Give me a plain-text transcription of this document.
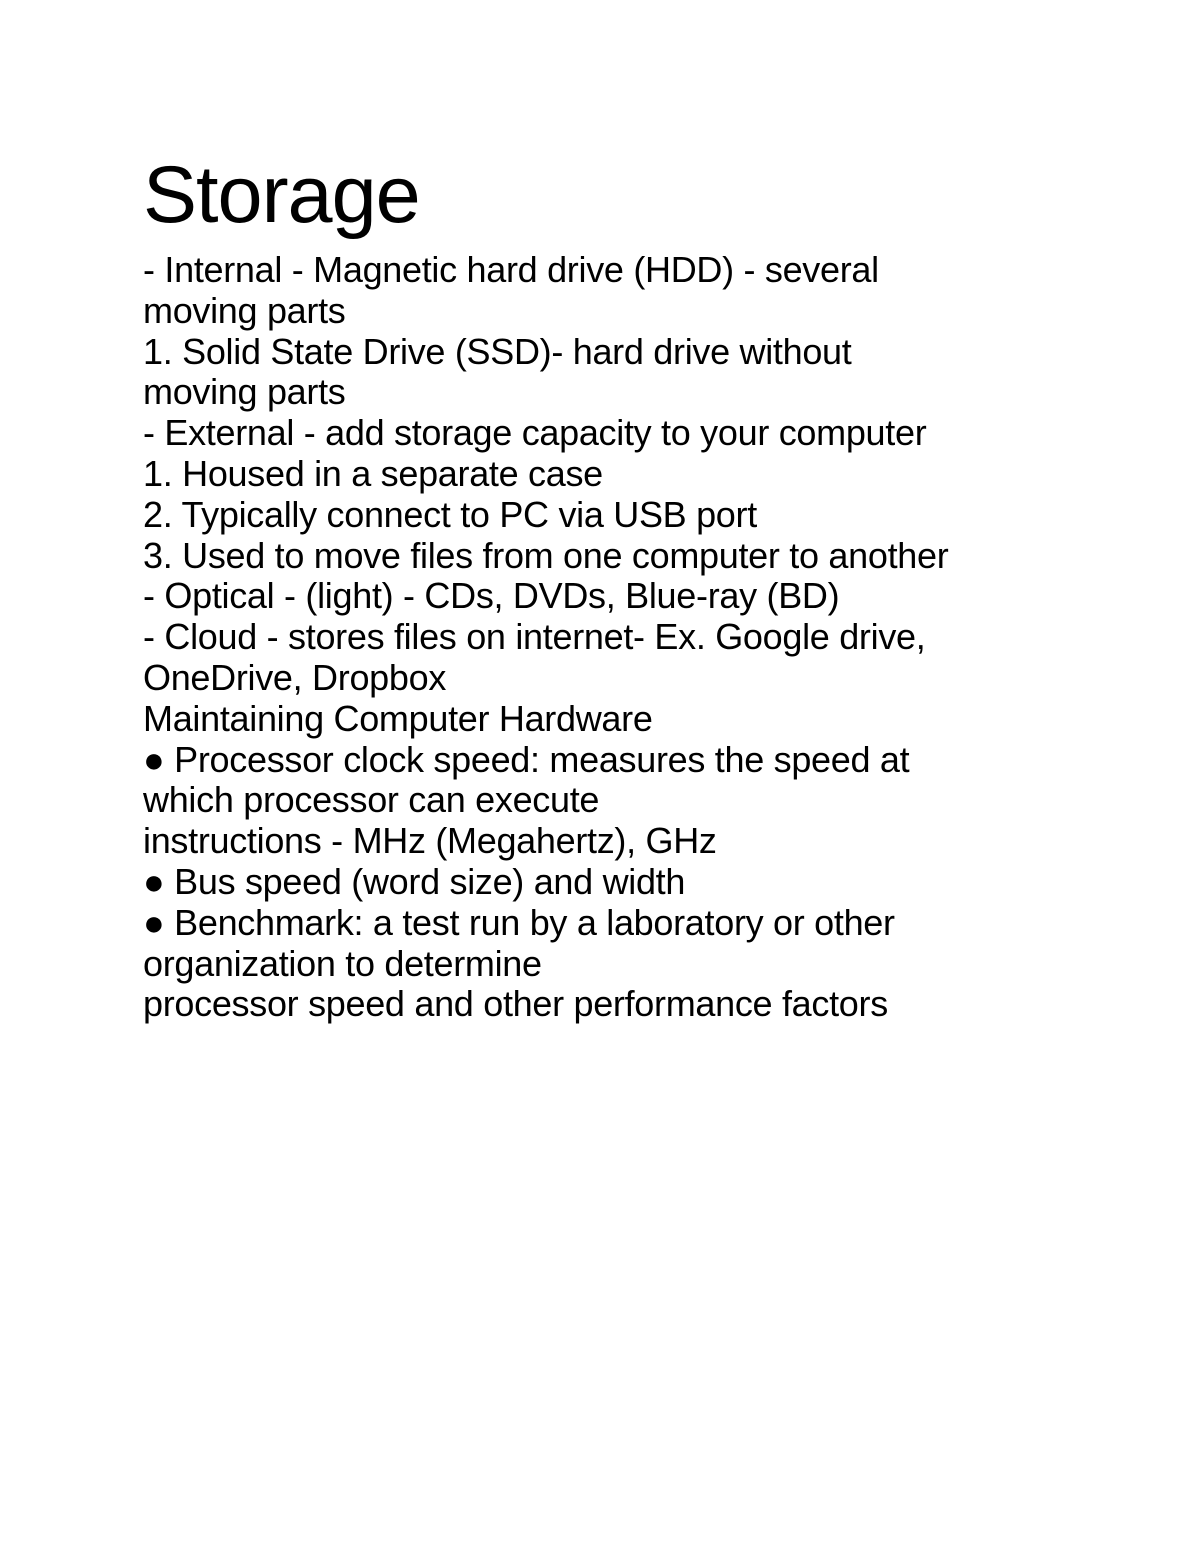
Storage
- Internal - Magnetic hard drive (HDD) - several
moving parts
1. Solid State Drive (SSD)- hard drive without
moving parts
- External - add storage capacity to your computer
1. Housed in a separate case
2. Typically connect to PC via USB port
3. Used to move files from one computer to another
- Optical - (light) - CDs, DVDs, Blue-ray (BD)
- Cloud - stores files on internet- Ex. Google drive,
OneDrive, Dropbox
Maintaining Computer Hardware
● Processor clock speed: measures the speed at
which processor can execute
instructions - MHz (Megahertz), GHz
● Bus speed (word size) and width
● Benchmark: a test run by a laboratory or other
organization to determine
processor speed and other performance factors
